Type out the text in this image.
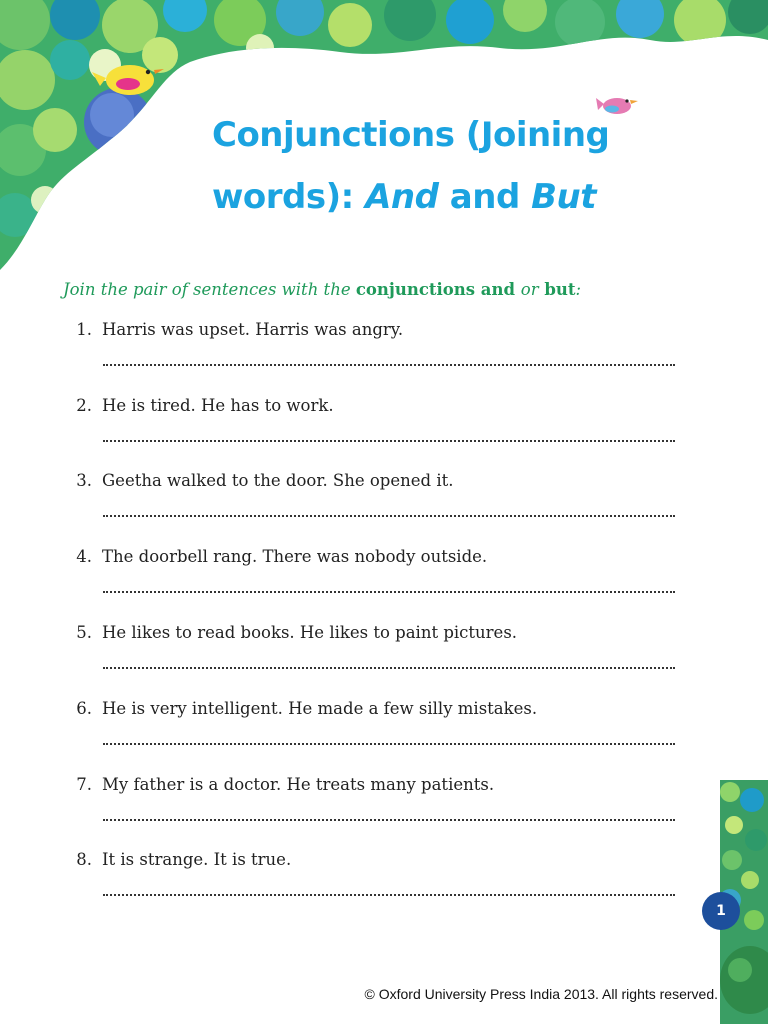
Conjunctions (Joining
words): And and But
Join the pair of sentences with the conjunctions and or but:
1. Harris was upset. Harris was angry.
2. He is tired. He has to work.
3. Geetha walked to the door. She opened it.
4. The doorbell rang. There was nobody outside.
5. He likes to read books. He likes to paint pictures.
6. He is very intelligent. He made a few silly mistakes.
7. My father is a doctor. He treats many patients.
8. It is strange. It is true.
1
© Oxford University Press India 2013. All rights reserved.
